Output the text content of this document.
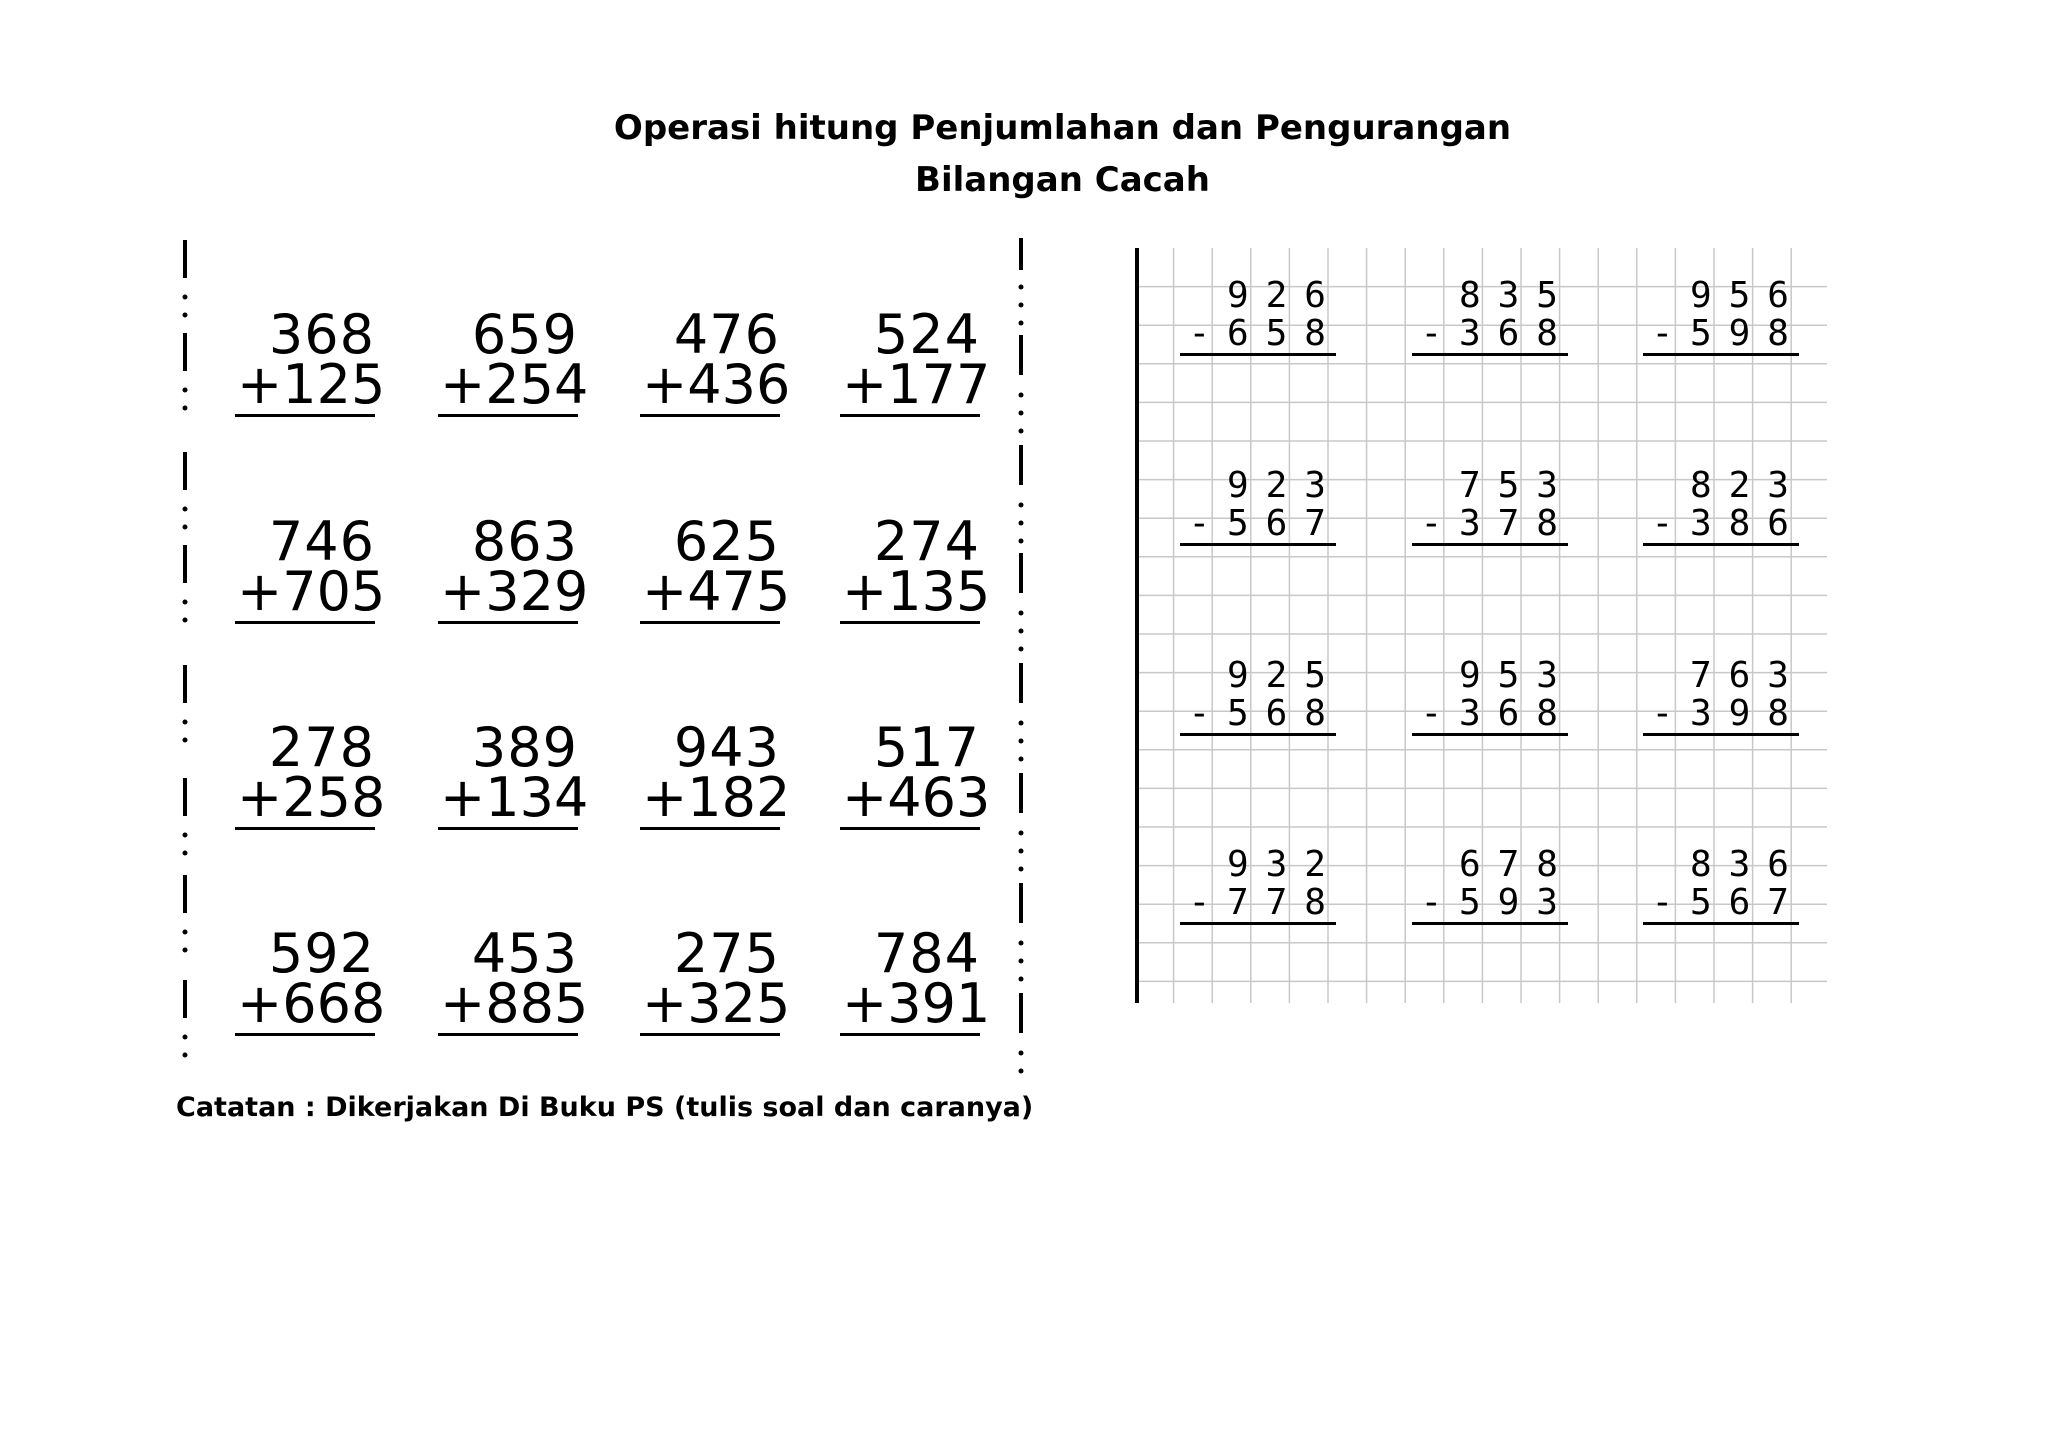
Operasi hitung Penjumlahan dan Pengurangan
Bilangan Cacah
368
+ 125
659
+ 254
476
+ 436
524
+ 177
746
+ 705
863
+ 329
625
+ 475
274
+ 135
278
+ 258
389
+ 134
943
+ 182
517
+ 463
592
+ 668
453
+ 885
275
+ 325
784
+ 391
9 2 6
- 6 5 8
8 3 5
- 3 6 8
9 5 6
- 5 9 8
9 2 3
- 5 6 7
7 5 3
- 3 7 8
8 2 3
- 3 8 6
9 2 5
- 5 6 8
9 5 3
- 3 6 8
7 6 3
- 3 9 8
9 3 2
- 7 7 8
6 7 8
- 5 9 3
8 3 6
- 5 6 7
Catatan : Dikerjakan Di Buku PS (tulis soal dan caranya)
